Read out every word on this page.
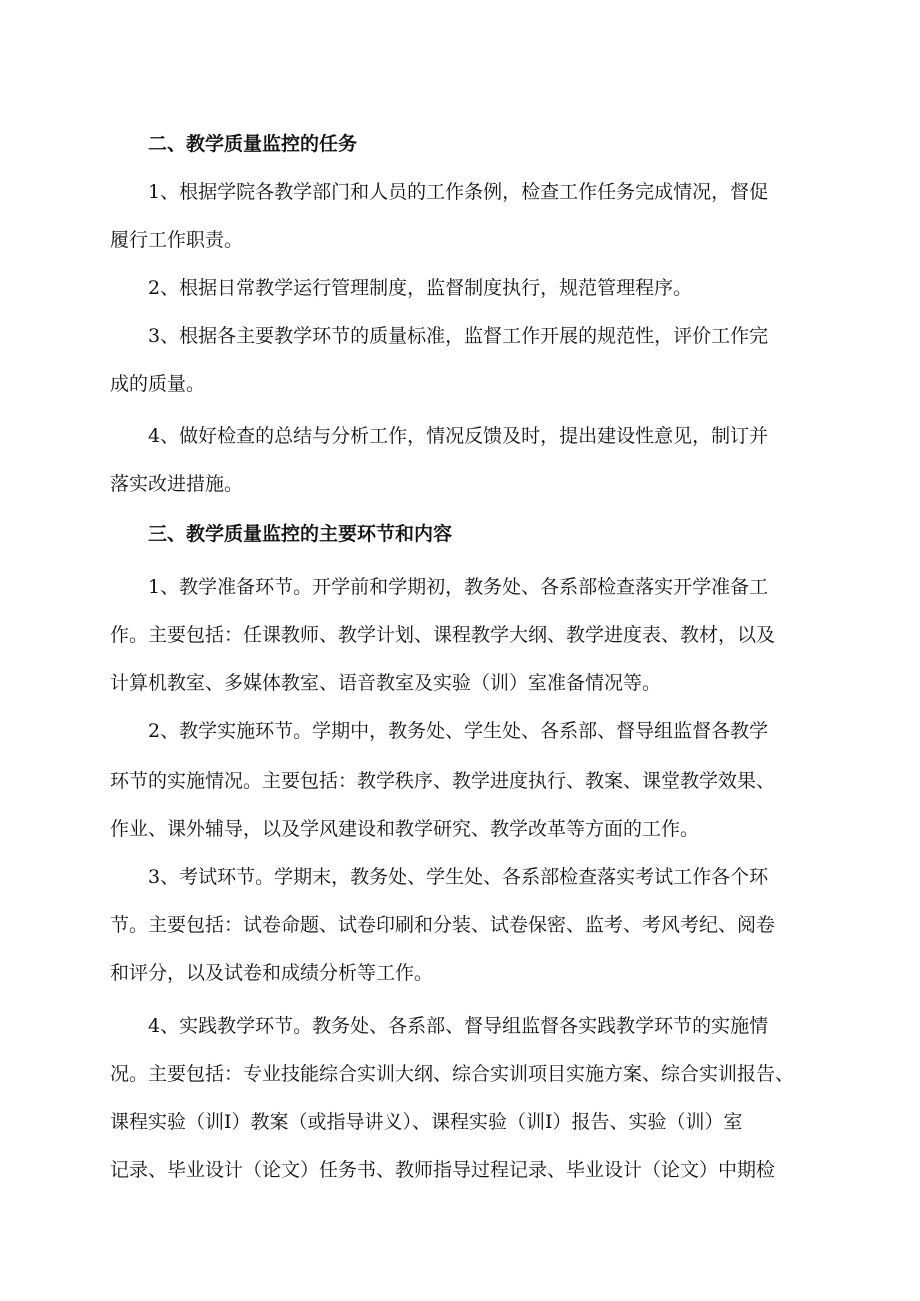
二、教学质量监控的任务
1、根据学院各教学部门和人员的工作条例，检查工作任务完成情况，督促
履行工作职责。
2、根据日常教学运行管理制度，监督制度执行，规范管理程序。
3、根据各主要教学环节的质量标准，监督工作开展的规范性，评价工作完
成的质量。
4、做好检查的总结与分析工作，情况反馈及时，提出建设性意见，制订并
落实改进措施。
三、教学质量监控的主要环节和内容
1、教学准备环节。开学前和学期初，教务处、各系部检查落实开学准备工
作。主要包括：任课教师、教学计划、课程教学大纲、教学进度表、教材，以及
计算机教室、多媒体教室、语音教室及实验（训）室准备情况等。
2、教学实施环节。学期中，教务处、学生处、各系部、督导组监督各教学
环节的实施情况。主要包括：教学秩序、教学进度执行、教案、课堂教学效果、
作业、课外辅导，以及学风建设和教学研究、教学改革等方面的工作。
3、考试环节。学期末，教务处、学生处、各系部检查落实考试工作各个环
节。主要包括：试卷命题、试卷印刷和分装、试卷保密、监考、考风考纪、阅卷
和评分，以及试卷和成绩分析等工作。
4、实践教学环节。教务处、各系部、督导组监督各实践教学环节的实施情
况。主要包括：专业技能综合实训大纲、综合实训项目实施方案、综合实训报告、
课程实验（训Ⅰ）教案（或指导讲义）、课程实验（训Ⅰ）报告、实验（训）室
记录、毕业设计（论文）任务书、教师指导过程记录、毕业设计（论文）中期检
